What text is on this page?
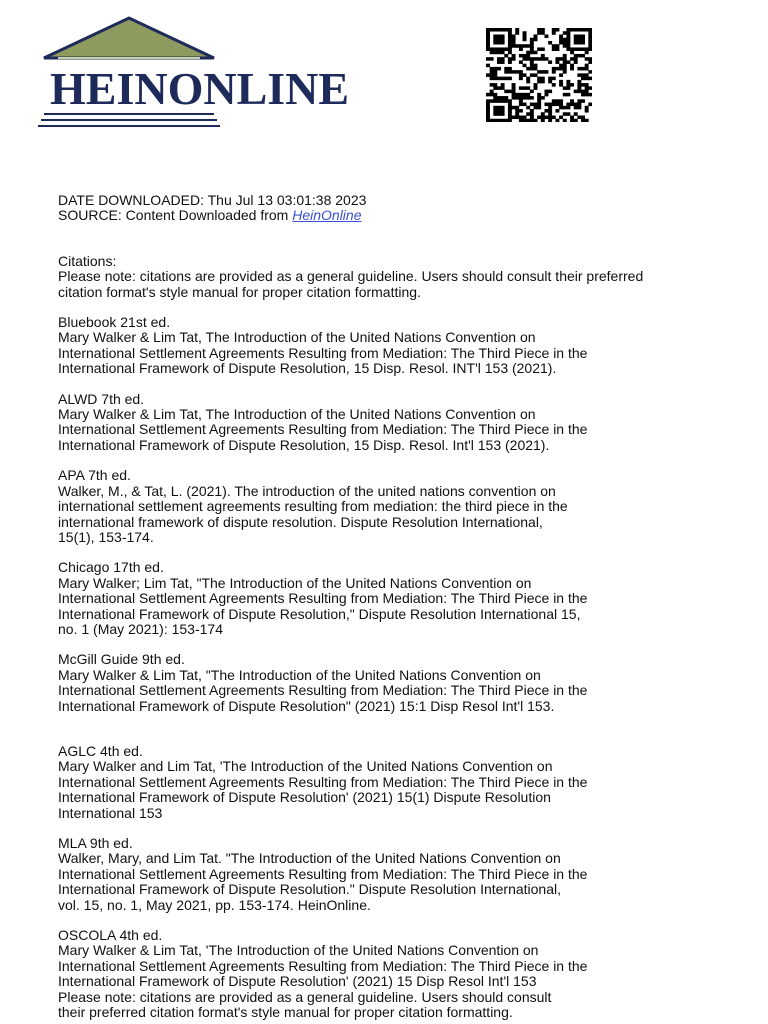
HEINONLINE
DATE DOWNLOADED: Thu Jul 13 03:01:38 2023
SOURCE: Content Downloaded from HeinOnline
Citations:
Please note: citations are provided as a general guideline. Users should consult their preferred
citation format's style manual for proper citation formatting.
Bluebook 21st ed.
Mary Walker & Lim Tat, The Introduction of the United Nations Convention on
International Settlement Agreements Resulting from Mediation: The Third Piece in the
International Framework of Dispute Resolution, 15 Disp. Resol. INT'l 153 (2021).
ALWD 7th ed.
Mary Walker & Lim Tat, The Introduction of the United Nations Convention on
International Settlement Agreements Resulting from Mediation: The Third Piece in the
International Framework of Dispute Resolution, 15 Disp. Resol. Int'l 153 (2021).
APA 7th ed.
Walker, M., & Tat, L. (2021). The introduction of the united nations convention on
international settlement agreements resulting from mediation: the third piece in the
international framework of dispute resolution. Dispute Resolution International,
15(1), 153-174.
Chicago 17th ed.
Mary Walker; Lim Tat, "The Introduction of the United Nations Convention on
International Settlement Agreements Resulting from Mediation: The Third Piece in the
International Framework of Dispute Resolution," Dispute Resolution International 15,
no. 1 (May 2021): 153-174
McGill Guide 9th ed.
Mary Walker & Lim Tat, "The Introduction of the United Nations Convention on
International Settlement Agreements Resulting from Mediation: The Third Piece in the
International Framework of Dispute Resolution" (2021) 15:1 Disp Resol Int'l 153.
AGLC 4th ed.
Mary Walker and Lim Tat, 'The Introduction of the United Nations Convention on
International Settlement Agreements Resulting from Mediation: The Third Piece in the
International Framework of Dispute Resolution' (2021) 15(1) Dispute Resolution
International 153
MLA 9th ed.
Walker, Mary, and Lim Tat. "The Introduction of the United Nations Convention on
International Settlement Agreements Resulting from Mediation: The Third Piece in the
International Framework of Dispute Resolution." Dispute Resolution International,
vol. 15, no. 1, May 2021, pp. 153-174. HeinOnline.
OSCOLA 4th ed.
Mary Walker & Lim Tat, 'The Introduction of the United Nations Convention on
International Settlement Agreements Resulting from Mediation: The Third Piece in the
International Framework of Dispute Resolution' (2021) 15 Disp Resol Int'l 153
Please note: citations are provided as a general guideline. Users should consult
their preferred citation format's style manual for proper citation formatting.
